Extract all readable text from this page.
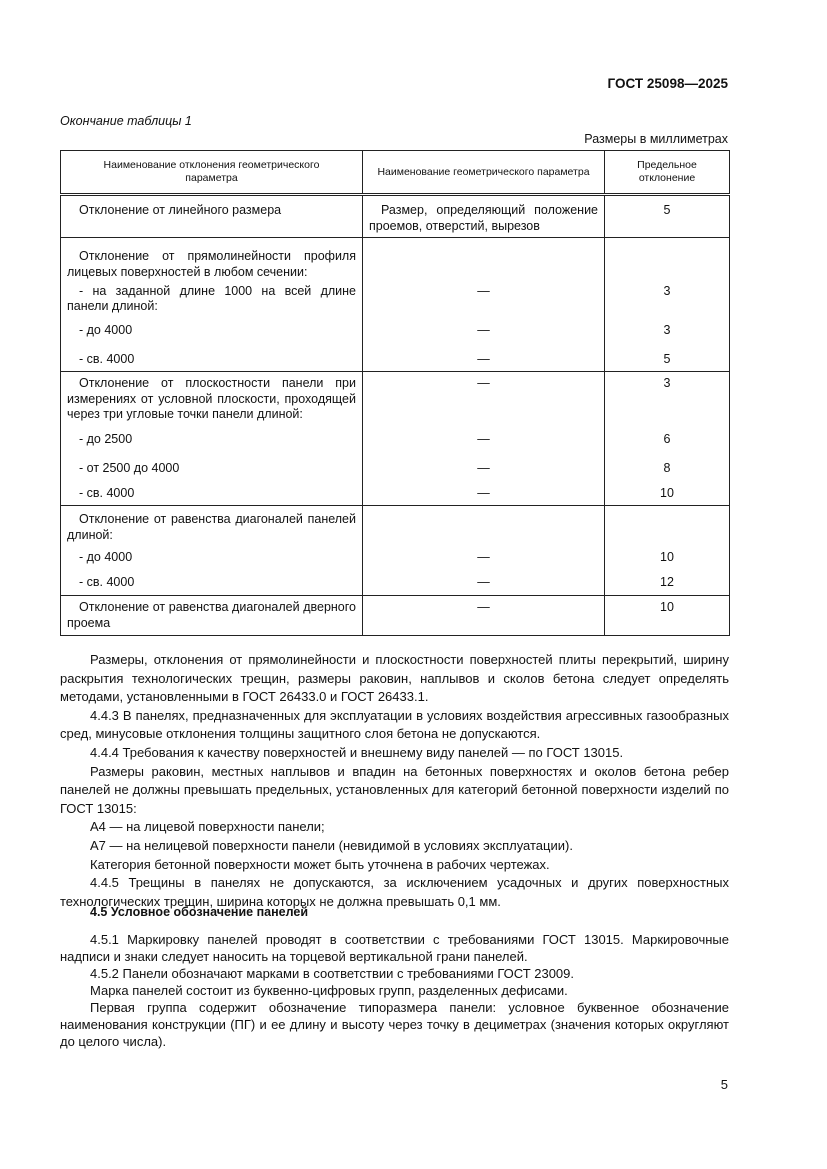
ГОСТ 25098—2025
Окончание таблицы 1
Размеры в миллиметрах
Наименование отклонения геометрического параметра	Наименование геометрического параметра	Предельное отклонение
Отклонение от линейного размера	Размер, определяющий положение проемов, отверстий, вырезов	5
Отклонение от прямолинейности профиля лицевых поверхностей в любом сечении:		
- на заданной длине 1000 на всей длине панели длиной:	—	3
- до 4000	—	3
- св. 4000	—	5
Отклонение от плоскостности панели при измерениях от условной плоскости, проходящей через три угловые точки панели длиной:	—	3
- до 2500	—	6
- от 2500 до 4000	—	8
- св. 4000	—	10
Отклонение от равенства диагоналей панелей длиной:		
- до 4000	—	10
- св. 4000	—	12
Отклонение от равенства диагоналей дверного проема	—	10

Размеры, отклонения от прямолинейности и плоскостности поверхностей плиты перекрытий, ширину раскрытия технологических трещин, размеры раковин, наплывов и сколов бетона следует определять методами, установленными в ГОСТ 26433.0 и ГОСТ 26433.1.

4.4.3 В панелях, предназначенных для эксплуатации в условиях воздействия агрессивных газообразных сред, минусовые отклонения толщины защитного слоя бетона не допускаются.

4.4.4 Требования к качеству поверхностей и внешнему виду панелей — по ГОСТ 13015.

Размеры раковин, местных наплывов и впадин на бетонных поверхностях и околов бетона ребер панелей не должны превышать предельных, установленных для категорий бетонной поверхности изделий по ГОСТ 13015:

А4 — на лицевой поверхности панели;

А7 — на нелицевой поверхности панели (невидимой в условиях эксплуатации).

Категория бетонной поверхности может быть уточнена в рабочих чертежах.

4.4.5 Трещины в панелях не допускаются, за исключением усадочных и других поверхностных технологических трещин, ширина которых не должна превышать 0,1 мм.

4.5 Условное обозначение панелей

4.5.1 Маркировку панелей проводят в соответствии с требованиями ГОСТ 13015. Маркировочные надписи и знаки следует наносить на торцевой вертикальной грани панелей.

4.5.2 Панели обозначают марками в соответствии с требованиями ГОСТ 23009.

Марка панелей состоит из буквенно-цифровых групп, разделенных дефисами.

Первая группа содержит обозначение типоразмера панели: условное буквенное обозначение наименования конструкции (ПГ) и ее длину и высоту через точку в дециметрах (значения которых округляют до целого числа).

5
